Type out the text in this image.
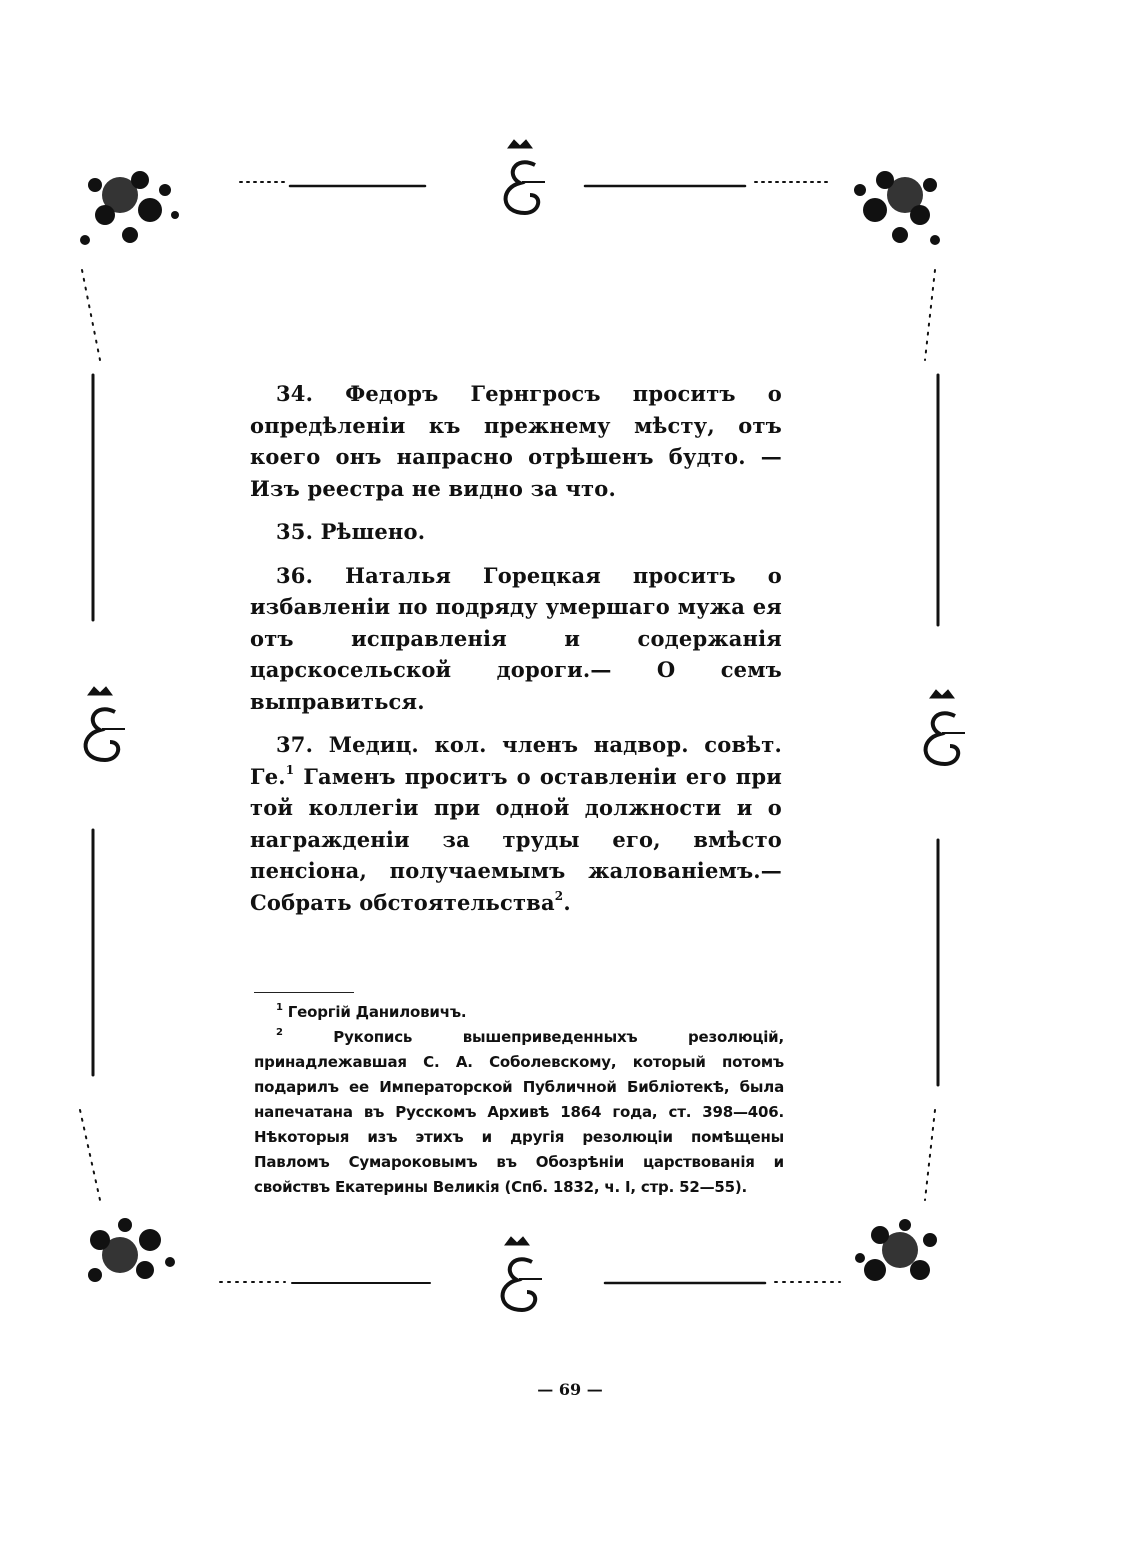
34. Федоръ Гернгросъ проситъ о опредѣленіи къ прежнему мѣсту, отъ коего онъ напрасно отрѣшенъ будто. — Изъ реестра не видно за что.

35. Рѣшено.

36. Наталья Горецкая проситъ о избавленіи по подряду умершаго мужа ея отъ исправленія и содержанія царскосельской дороги.— О семъ выправиться.

37. Медиц. кол. членъ надвор. совѣт. Ге.$^1$ Гаменъ проситъ о оставленіи его при той коллегіи при одной должности и о награжденіи за труды его, вмѣсто пенсіона, получаемымъ жалованіемъ.—Собрать обстоятельства$^2$.

$^1$ Георгій Даниловичъ.

$^2$ Рукопись вышеприведенныхъ резолюцій, принадлежавшая С. А. Соболевскому, который потомъ подарилъ ее Императорской Публичной Библіотекѣ, была напечатана въ Русскомъ Архивѣ 1864 года, ст. 398—406. Нѣкоторыя изъ этихъ и другія резолюціи помѣщены Павломъ Сумароковымъ въ Обозрѣніи царствованія и свойствъ Екатерины Великія (Спб. 1832, ч. I, стр. 52—55).

— 69 —
